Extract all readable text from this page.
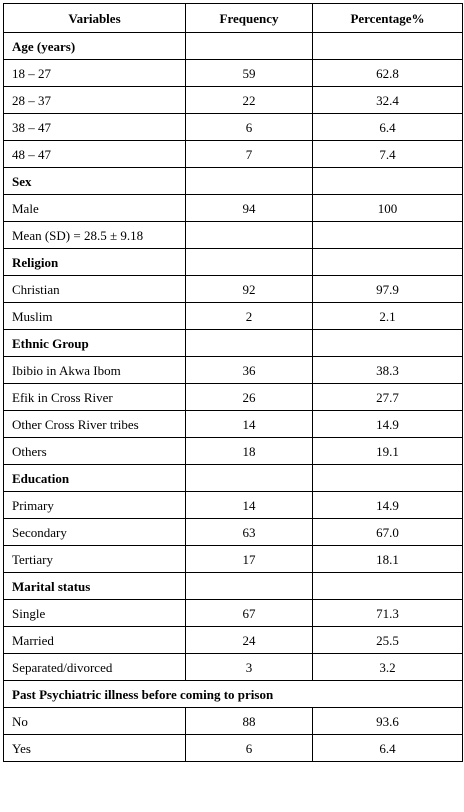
Variables	Frequency	Percentage%
Age (years)		
18 – 27	59	62.8
28 – 37	22	32.4
38 – 47	6	6.4
48 – 47	7	7.4
Sex		
Male	94	100
Mean (SD) = 28.5 ± 9.18		
Religion		
Christian	92	97.9
Muslim	2	2.1
Ethnic Group		
Ibibio in Akwa Ibom	36	38.3
Efik in Cross River	26	27.7
Other Cross River tribes	14	14.9
Others	18	19.1
Education		
Primary	14	14.9
Secondary	63	67.0
Tertiary	17	18.1
Marital status		
Single	67	71.3
Married	24	25.5
Separated/divorced	3	3.2
Past Psychiatric illness before coming to prison		
No	88	93.6
Yes	6	6.4
